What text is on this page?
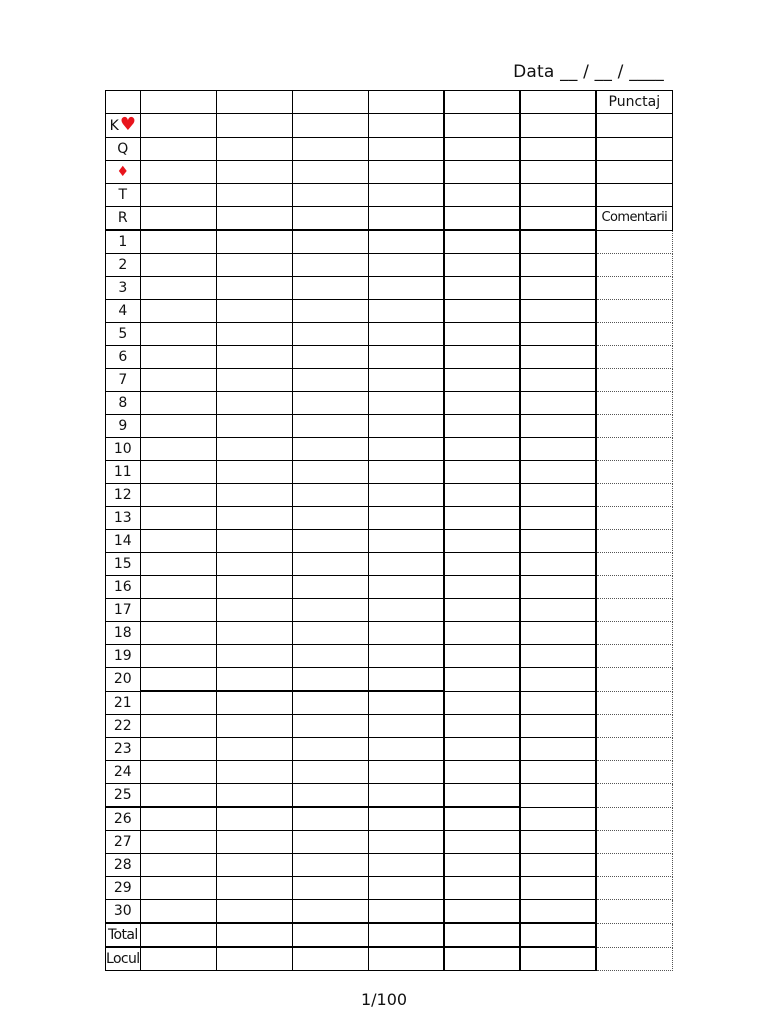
Data __ / __ / ____
							Punctaj
K♥							
Q							
♦							
T							
R							Comentarii
1							
2							
3							
4							
5							
6							
7							
8							
9							
10							
11							
12							
13							
14							
15							
16							
17							
18							
19							
20							
21							
22							
23							
24							
25							
26							
27							
28							
29							
30							
Total							
Locul							
1/100
